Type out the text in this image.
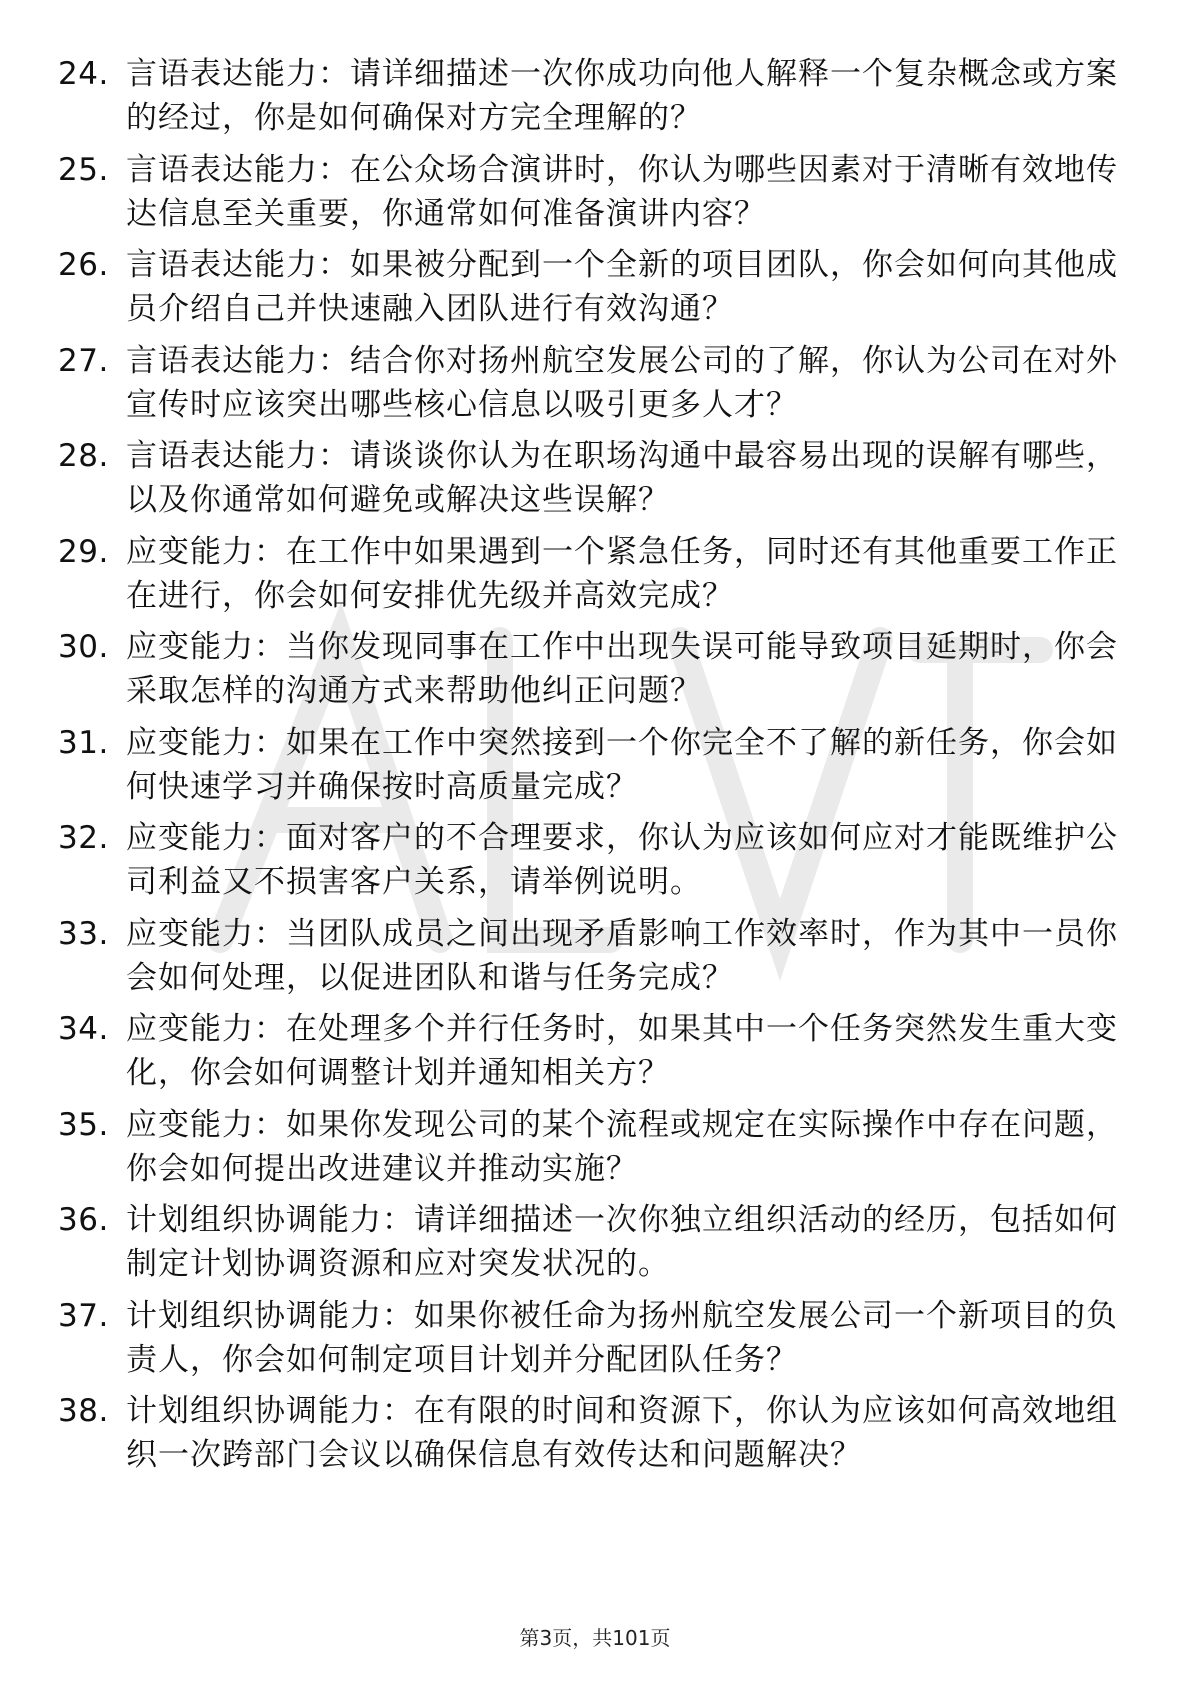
24. 言语表达能力：请详细描述一次你成功向他人解释一个复杂概念或方案的经过，你是如何确保对方完全理解的？
25. 言语表达能力：在公众场合演讲时，你认为哪些因素对于清晰有效地传达信息至关重要，你通常如何准备演讲内容？
26. 言语表达能力：如果被分配到一个全新的项目团队，你会如何向其他成员介绍自己并快速融入团队进行有效沟通？
27. 言语表达能力：结合你对扬州航空发展公司的了解，你认为公司在对外宣传时应该突出哪些核心信息以吸引更多人才？
28. 言语表达能力：请谈谈你认为在职场沟通中最容易出现的误解有哪些，以及你通常如何避免或解决这些误解？
29. 应变能力：在工作中如果遇到一个紧急任务，同时还有其他重要工作正在进行，你会如何安排优先级并高效完成？
30. 应变能力：当你发现同事在工作中出现失误可能导致项目延期时，你会采取怎样的沟通方式来帮助他纠正问题？
31. 应变能力：如果在工作中突然接到一个你完全不了解的新任务，你会如何快速学习并确保按时高质量完成？
32. 应变能力：面对客户的不合理要求，你认为应该如何应对才能既维护公司利益又不损害客户关系，请举例说明。
33. 应变能力：当团队成员之间出现矛盾影响工作效率时，作为其中一员你会如何处理，以促进团队和谐与任务完成？
34. 应变能力：在处理多个并行任务时，如果其中一个任务突然发生重大变化，你会如何调整计划并通知相关方？
35. 应变能力：如果你发现公司的某个流程或规定在实际操作中存在问题，你会如何提出改进建议并推动实施？
36. 计划组织协调能力：请详细描述一次你独立组织活动的经历，包括如何制定计划协调资源和应对突发状况的。
37. 计划组织协调能力：如果你被任命为扬州航空发展公司一个新项目的负责人，你会如何制定项目计划并分配团队任务？
38. 计划组织协调能力：在有限的时间和资源下，你认为应该如何高效地组织一次跨部门会议以确保信息有效传达和问题解决？
第3页，共101页
